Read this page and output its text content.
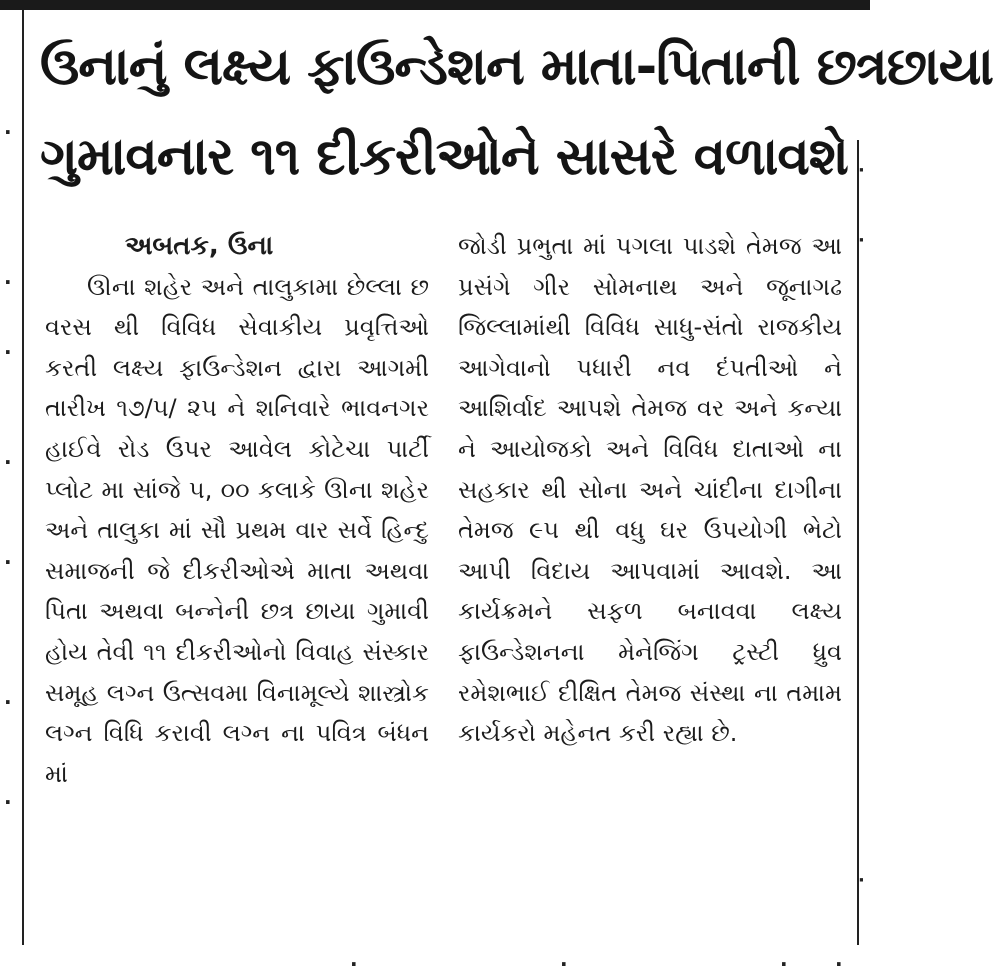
·
·
·
·
·
·
·
·
·
·
ઉનાનું લક્ષ્ય ફાઉન્ડેશન માતા-પિતાની છત્રછાયા
ગુમાવનાર ૧૧ દીકરીઓને સાસરે વળાવશે
અબતક, ઉના

ઊના શહેર અને તાલુકામા છેલ્લા છ વરસ થી વિવિધ સેવાકીય પ્રવૃત્તિઓ કરતી લક્ષ્ય ફાઉન્ડેશન દ્વારા આગમી તારીખ ૧૭/૫/ ૨૫ ને શનિવારે ભાવનગર હાઈવે રોડ ઉપર આવેલ કોટેચા પાર્ટી પ્લોટ મા સાંજે ૫, ૦૦ કલાકે ઊના શહેર અને તાલુકા માં સૌ પ્રથમ વાર સર્વે હિન્દુ સમાજની જે દીકરીઓએ માતા અથવા પિતા અથવા બન્નેની છત્ર છાયા ગુમાવી હોય તેવી ૧૧ દીકરીઓનો વિવાહ સંસ્કાર સમૂહ લગ્ન ઉત્સવમા વિનામૂલ્યે શાસ્ત્રોક લગ્ન વિધિ કરાવી લગ્ન ના પવિત્ર બંધન માં

જોડી પ્રભુતા માં પગલા પાડશે તેમજ આ પ્રસંગે ગીર સોમનાથ અને જૂનાગઢ જિલ્લામાંથી વિવિધ સાધુ-સંતો રાજકીય આગેવાનો પધારી નવ દંપતીઓ ને આશિર્વાદ આપશે તેમજ વર અને કન્યા ને આયોજકો અને વિવિધ દાતાઓ ના સહકાર થી સોના અને ચાંદીના દાગીના તેમજ ૯૫ થી વધુ ઘર ઉપયોગી ભેટો આપી વિદાય આપવામાં આવશે. આ કાર્યક્રમને સફળ બનાવવા લક્ષ્ય ફાઉન્ડેશનના મેનેજિંગ ટ્રસ્ટી ધ્રુવ રમેશભાઈ દીક્ષિત તેમજ સંસ્થા ના તમામ કાર્યકરો મહેનત કરી રહ્યા છે.

·	·	· ·
